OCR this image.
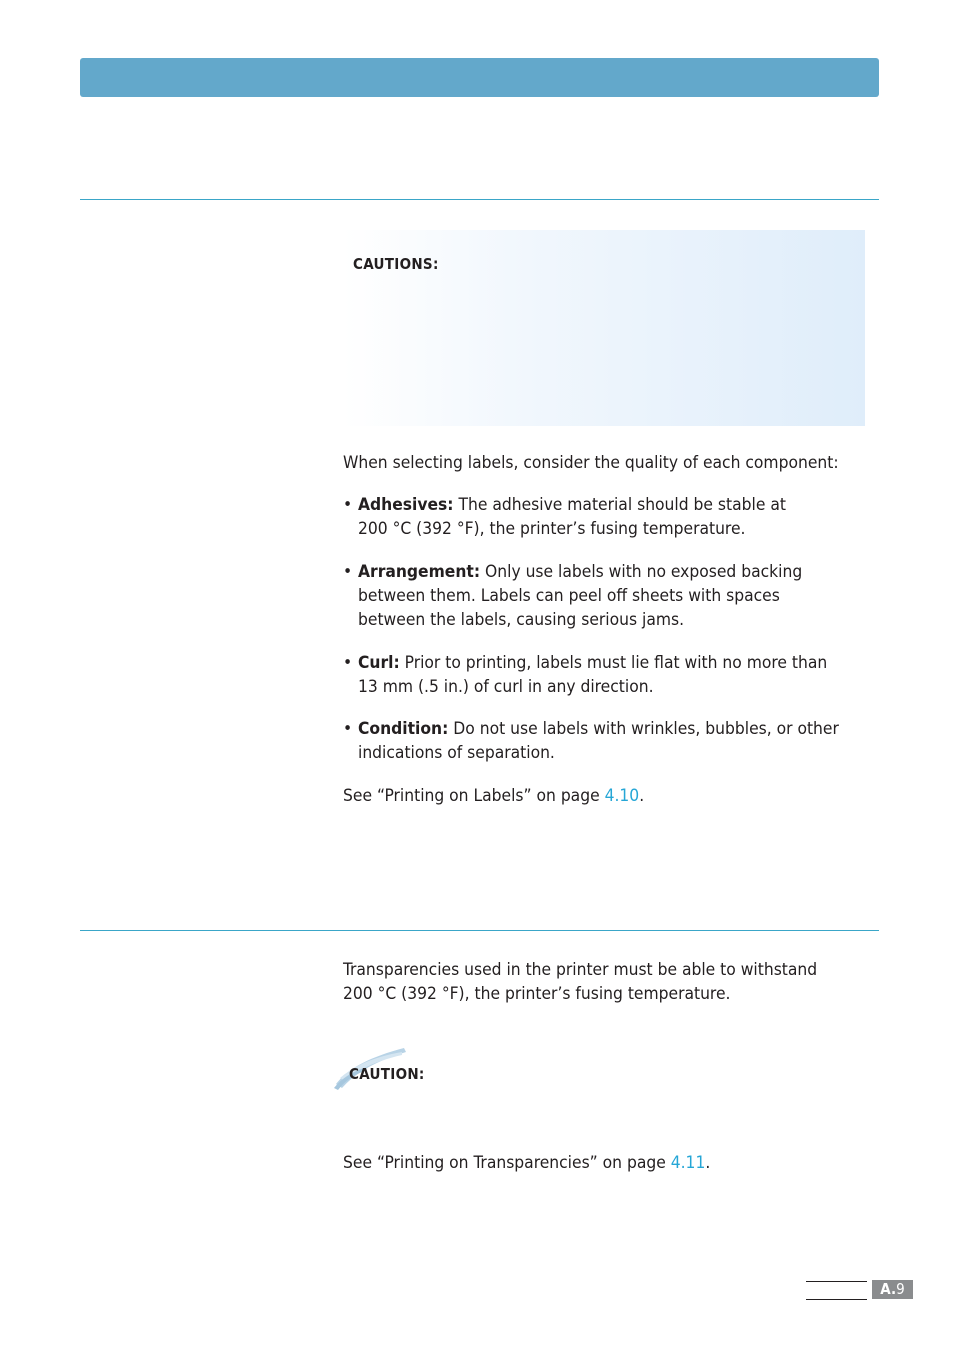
CAUTIONS:
When selecting labels, consider the quality of each component:
• Adhesives: The adhesive material should be stable at
200 °C (392 °F), the printer’s fusing temperature.
• Arrangement: Only use labels with no exposed backing
between them. Labels can peel off sheets with spaces
between the labels, causing serious jams.
• Curl: Prior to printing, labels must lie flat with no more than
13 mm (.5 in.) of curl in any direction.
• Condition: Do not use labels with wrinkles, bubbles, or other
indications of separation.
See “Printing on Labels” on page 4.10.
Transparencies used in the printer must be able to withstand
200 °C (392 °F), the printer’s fusing temperature.
CAUTION:
See “Printing on Transparencies” on page 4.11.
A.9
